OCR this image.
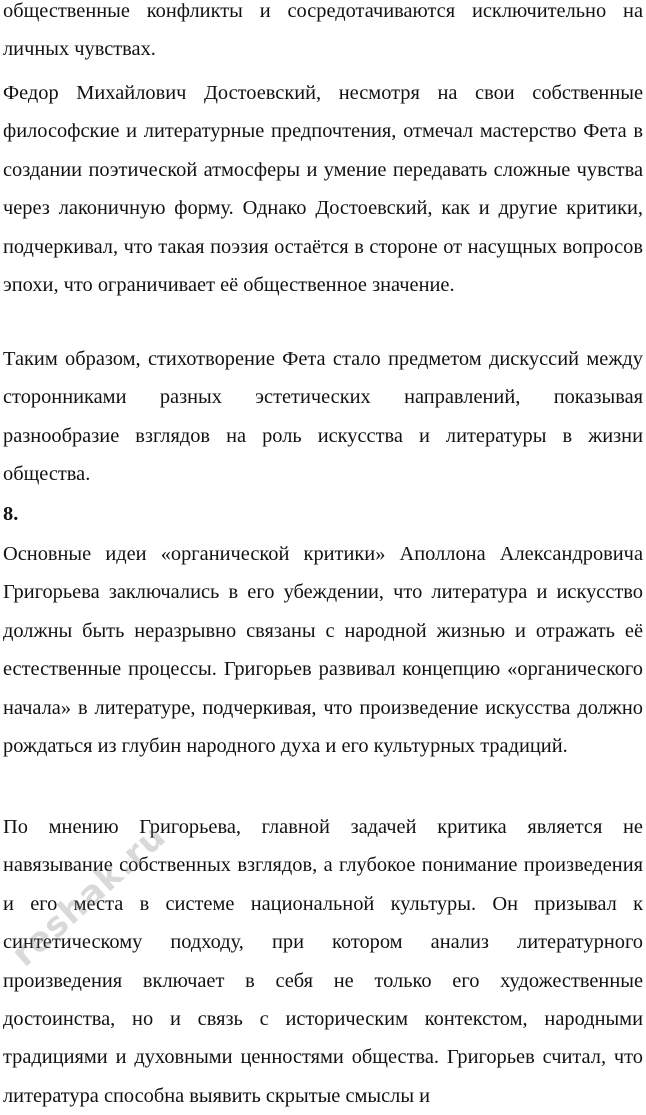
общественные конфликты и сосредотачиваются исключительно на личных чувствах.

Федор Михайлович Достоевский, несмотря на свои собственные философские и литературные предпочтения, отмечал мастерство Фета в создании поэтической атмосферы и умение передавать сложные чувства через лаконичную форму. Однако Достоевский, как и другие критики, подчеркивал, что такая поэзия остаётся в стороне от насущных вопросов эпохи, что ограничивает её общественное значение.

Таким образом, стихотворение Фета стало предметом дискуссий между сторонниками разных эстетических направлений, показывая разнообразие взглядов на роль искусства и литературы в жизни общества.

8.

Основные идеи «органической критики» Аполлона Александровича Григорьева заключались в его убеждении, что литература и искусство должны быть неразрывно связаны с народной жизнью и отражать её естественные процессы. Григорьев развивал концепцию «органического начала» в литературе, подчеркивая, что произведение искусства должно рождаться из глубин народного духа и его культурных традиций.

По мнению Григорьева, главной задачей критика является не навязывание собственных взглядов, а глубокое понимание произведения и его места в системе национальной культуры. Он призывал к синтетическому подходу, при котором анализ литературного произведения включает в себя не только его художественные достоинства, но и связь с историческим контекстом, народными традициями и духовными ценностями общества. Григорьев считал, что литература способна выявить скрытые смыслы и

reshak.ru
